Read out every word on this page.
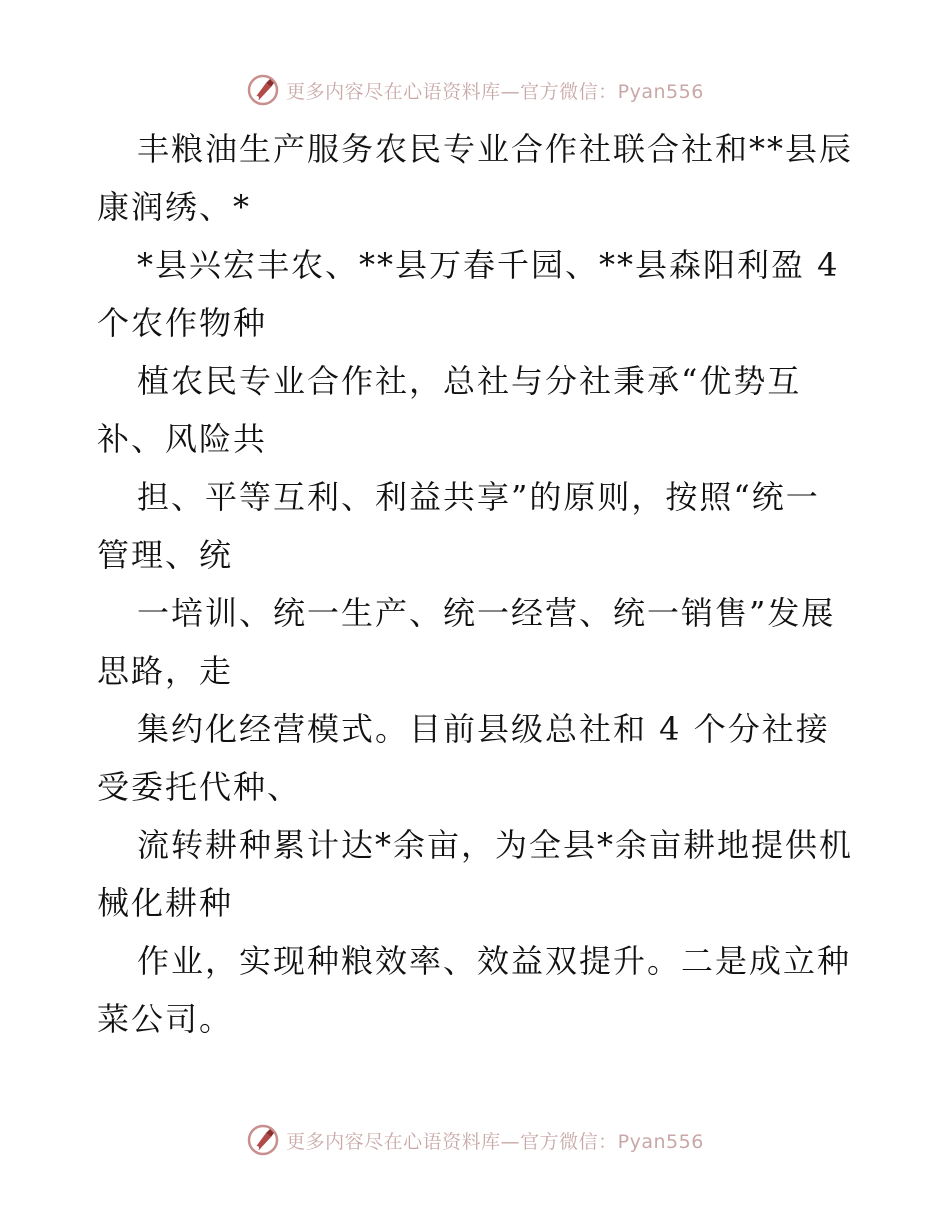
更多内容尽在心语资料库—官方微信：Pyan556
丰粮油生产服务农民专业合作社联合社和**县辰
康润绣、*
*县兴宏丰农、**县万春千园、**县森阳利盈 4
个农作物种
植农民专业合作社，总社与分社秉承“优势互
补、风险共
担、平等互利、利益共享”的原则，按照“统一
管理、统
一培训、统一生产、统一经营、统一销售”发展
思路，走
集约化经营模式。目前县级总社和 4 个分社接
受委托代种、
流转耕种累计达*余亩，为全县*余亩耕地提供机
械化耕种
作业，实现种粮效率、效益双提升。二是成立种
菜公司。
更多内容尽在心语资料库—官方微信：Pyan556
